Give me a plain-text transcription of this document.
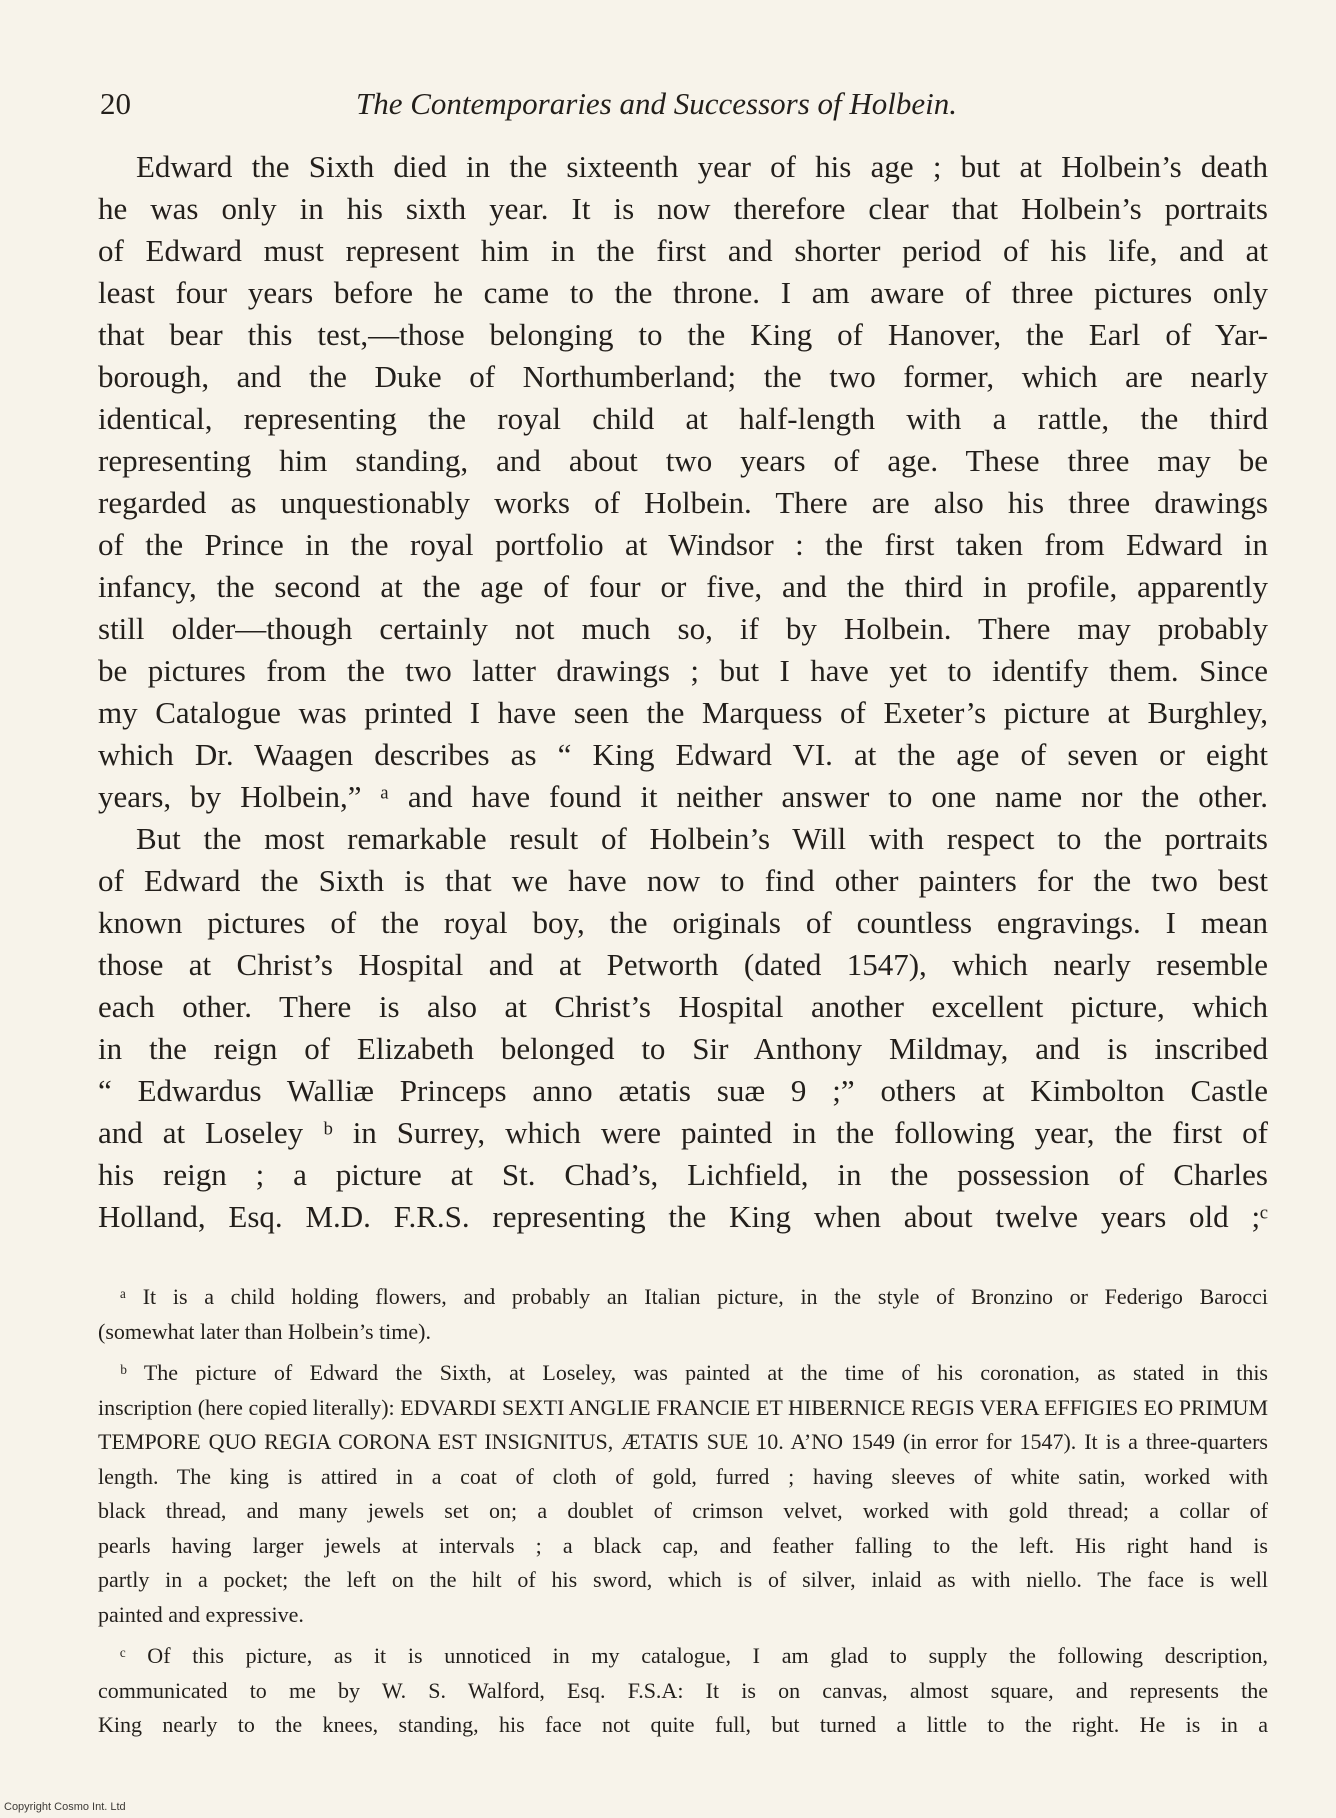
20	The Contemporaries and Successors of Holbein.
Edward the Sixth died in the sixteenth year of his age ; but at Holbein’s death
he was only in his sixth year. It is now therefore clear that Holbein’s portraits
of Edward must represent him in the first and shorter period of his life, and at
least four years before he came to the throne. I am aware of three pictures only
that bear this test,—those belonging to the King of Hanover, the Earl of Yar-
borough, and the Duke of Northumberland; the two former, which are nearly
identical, representing the royal child at half-length with a rattle, the third
representing him standing, and about two years of age. These three may be
regarded as unquestionably works of Holbein. There are also his three drawings
of the Prince in the royal portfolio at Windsor : the first taken from Edward in
infancy, the second at the age of four or five, and the third in profile, apparently
still older—though certainly not much so, if by Holbein. There may probably
be pictures from the two latter drawings ; but I have yet to identify them. Since
my Catalogue was printed I have seen the Marquess of Exeter’s picture at Burghley,
which Dr. Waagen describes as “ King Edward VI. at the age of seven or eight
years, by Holbein,” ᵃ and have found it neither answer to one name nor the other.
But the most remarkable result of Holbein’s Will with respect to the portraits
of Edward the Sixth is that we have now to find other painters for the two best
known pictures of the royal boy, the originals of countless engravings. I mean
those at Christ’s Hospital and at Petworth (dated 1547), which nearly resemble
each other. There is also at Christ’s Hospital another excellent picture, which
in the reign of Elizabeth belonged to Sir Anthony Mildmay, and is inscribed
“ Edwardus Walliæ Princeps anno ætatis suæ 9 ;” others at Kimbolton Castle
and at Loseley ᵇ in Surrey, which were painted in the following year, the first of
his reign ; a picture at St. Chad’s, Lichfield, in the possession of Charles
Holland, Esq. M.D. F.R.S. representing the King when about twelve years old ;ᶜ
ᵃ It is a child holding flowers, and probably an Italian picture, in the style of Bronzino or Federigo Barocci
(somewhat later than Holbein’s time).
ᵇ The picture of Edward the Sixth, at Loseley, was painted at the time of his coronation, as stated in this
inscription (here copied literally): EDVARDI SEXTI ANGLIE FRANCIE ET HIBERNICE REGIS VERA EFFIGIES EO PRIMUM
TEMPORE QUO REGIA CORONA EST INSIGNITUS, ÆTATIS SUE 10. A’NO 1549 (in error for 1547). It is a three-quarters
length. The king is attired in a coat of cloth of gold, furred ; having sleeves of white satin, worked with
black thread, and many jewels set on; a doublet of crimson velvet, worked with gold thread; a collar of
pearls having larger jewels at intervals ; a black cap, and feather falling to the left. His right hand is
partly in a pocket; the left on the hilt of his sword, which is of silver, inlaid as with niello. The face is well
painted and expressive.
ᶜ Of this picture, as it is unnoticed in my catalogue, I am glad to supply the following description,
communicated to me by W. S. Walford, Esq. F.S.A: It is on canvas, almost square, and represents the
King nearly to the knees, standing, his face not quite full, but turned a little to the right. He is in a
Copyright Cosmo Int. Ltd
